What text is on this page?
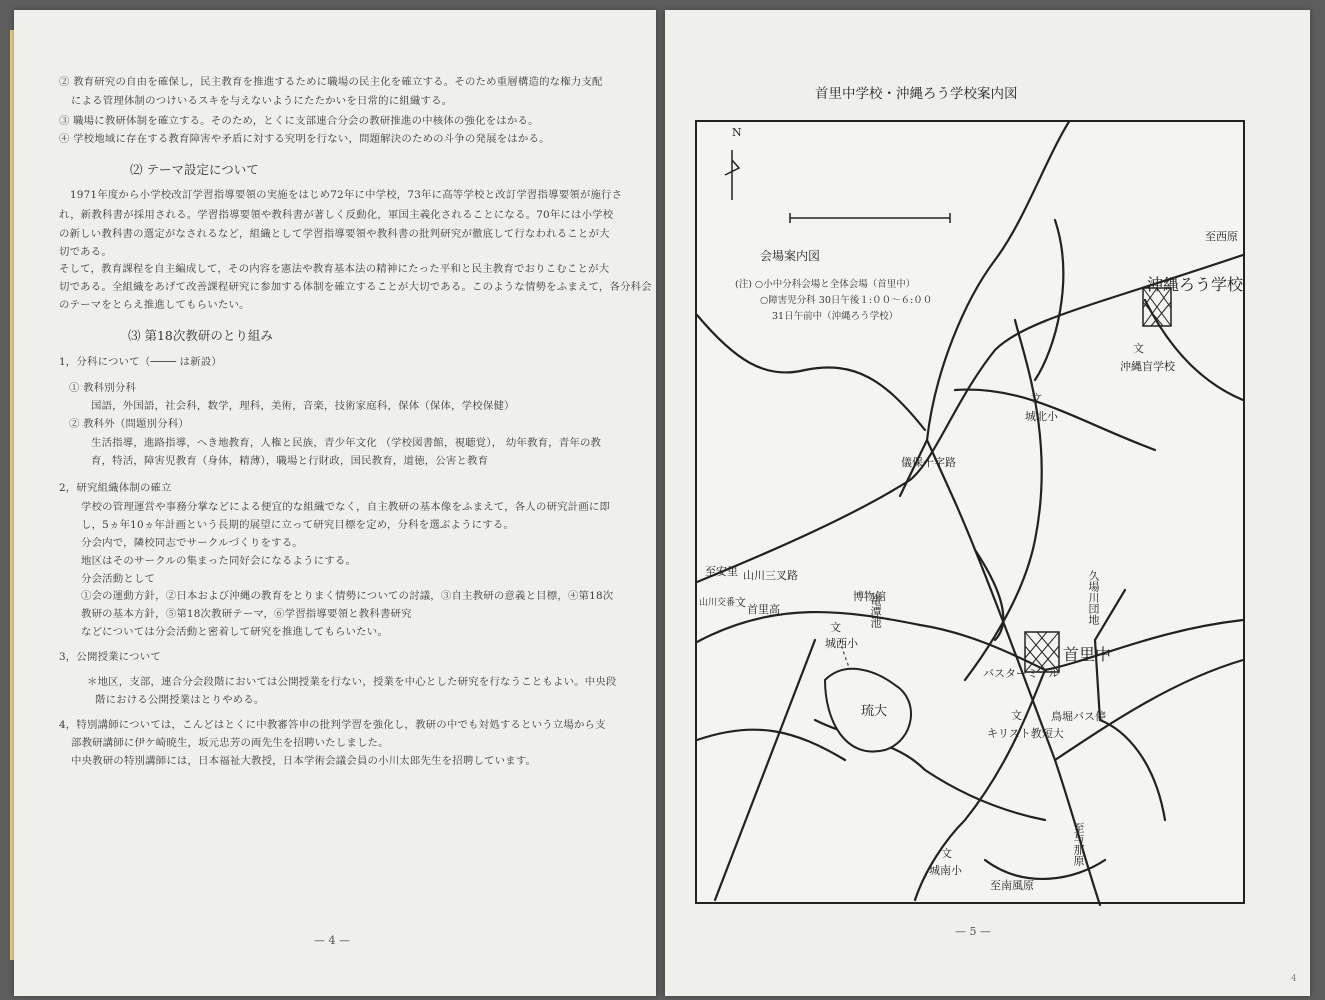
② 教育研究の自由を確保し，民主教育を推進するために職場の民主化を確立する。そのため重層構造的な権力支配
による管理体制のつけいるスキを与えないようにたたかいを日常的に組織する。
③ 職場に教研体制を確立する。そのため，とくに支部連合分会の教研推進の中核体の強化をはかる。
④ 学校地域に存在する教育障害や矛盾に対する究明を行ない，問題解決のための斗争の発展をはかる。
⑵ テーマ設定について
1971年度から小学校改訂学習指導要領の実施をはじめ72年に中学校，73年に高等学校と改訂学習指導要領が施行さ
れ，新教科書が採用される。学習指導要領や教科書が著しく反動化，軍国主義化されることになる。70年には小学校
の新しい教科書の選定がなされるなど，組織として学習指導要領や教科書の批判研究が徹底して行なわれることが大
切である。
そして，教育課程を自主編成して，その内容を憲法や教育基本法の精神にたった平和と民主教育でおりこむことが大
切である。全組織をあげて改善課程研究に参加する体制を確立することが大切である。このような情勢をふまえて，各分科会
のテーマをとらえ推進してもらいたい。
⑶ 第18次教研のとり組み
1，分科について（──── は新設）
① 教科別分科
国語，外国語，社会科，数学，理科，美術，音楽，技術家庭科，保体（保体，学校保健）
② 教科外（問題別分科）
生活指導，進路指導，へき地教育，人権と民族，青少年文化 （学校図書館，視聴覚）， 幼年教育，青年の教
育，特活，障害児教育（身体，精薄），職場と行財政，国民教育，道徳，公害と教育
2，研究組織体制の確立
学校の管理運営や事務分掌などによる便宜的な組織でなく，自主教研の基本像をふまえて，各人の研究計画に即
し，5ヵ年10ヵ年計画という長期的展望に立って研究目標を定め，分科を選ぶようにする。
分会内で，隣校同志でサークルづくりをする。
地区はそのサークルの集まった同好会になるようにする。
分会活動として
①会の運動方針，②日本および沖縄の教育をとりまく情勢についての討議，③自主教研の意義と目標，④第18次
教研の基本方針，⑤第18次教研テーマ，⑥学習指導要領と教科書研究
などについては分会活動と密着して研究を推進してもらいたい。
3，公開授業について
＊地区，支部，連合分会段階においては公開授業を行ない，授業を中心とした研究を行なうこともよい。中央段
階における公開授業はとりやめる。
4，特別講師については，こんどはとくに中教審答申の批判学習を強化し，教研の中でも対処するという立場から支
部教研講師に伊ケ崎暁生，坂元忠芳の両先生を招聘いたしました。
中央教研の特別講師には，日本福祉大教授，日本学術会議会員の小川太郎先生を招聘しています。
— 4 —
首里中学校・沖縄ろう学校案内図
N
会場案内図
(注) ○小中分科会場と全体会場（首里中）
○障害児分科 30日午後１:００～６:００
31日午前中（沖縄ろう学校）
沖縄ろう学校
文
沖縄盲学校
至西原
文
城北小
儀保十字路
至安里 山川三叉路
山川交番 文
首里高
博物館
文
城西小
竜潭池	久場川団地
首里中
バスターミナル
琉大	文
キリスト教短大
鳥堀バス停
文
城南小
至南風原
至与那原
— 5 —
4
